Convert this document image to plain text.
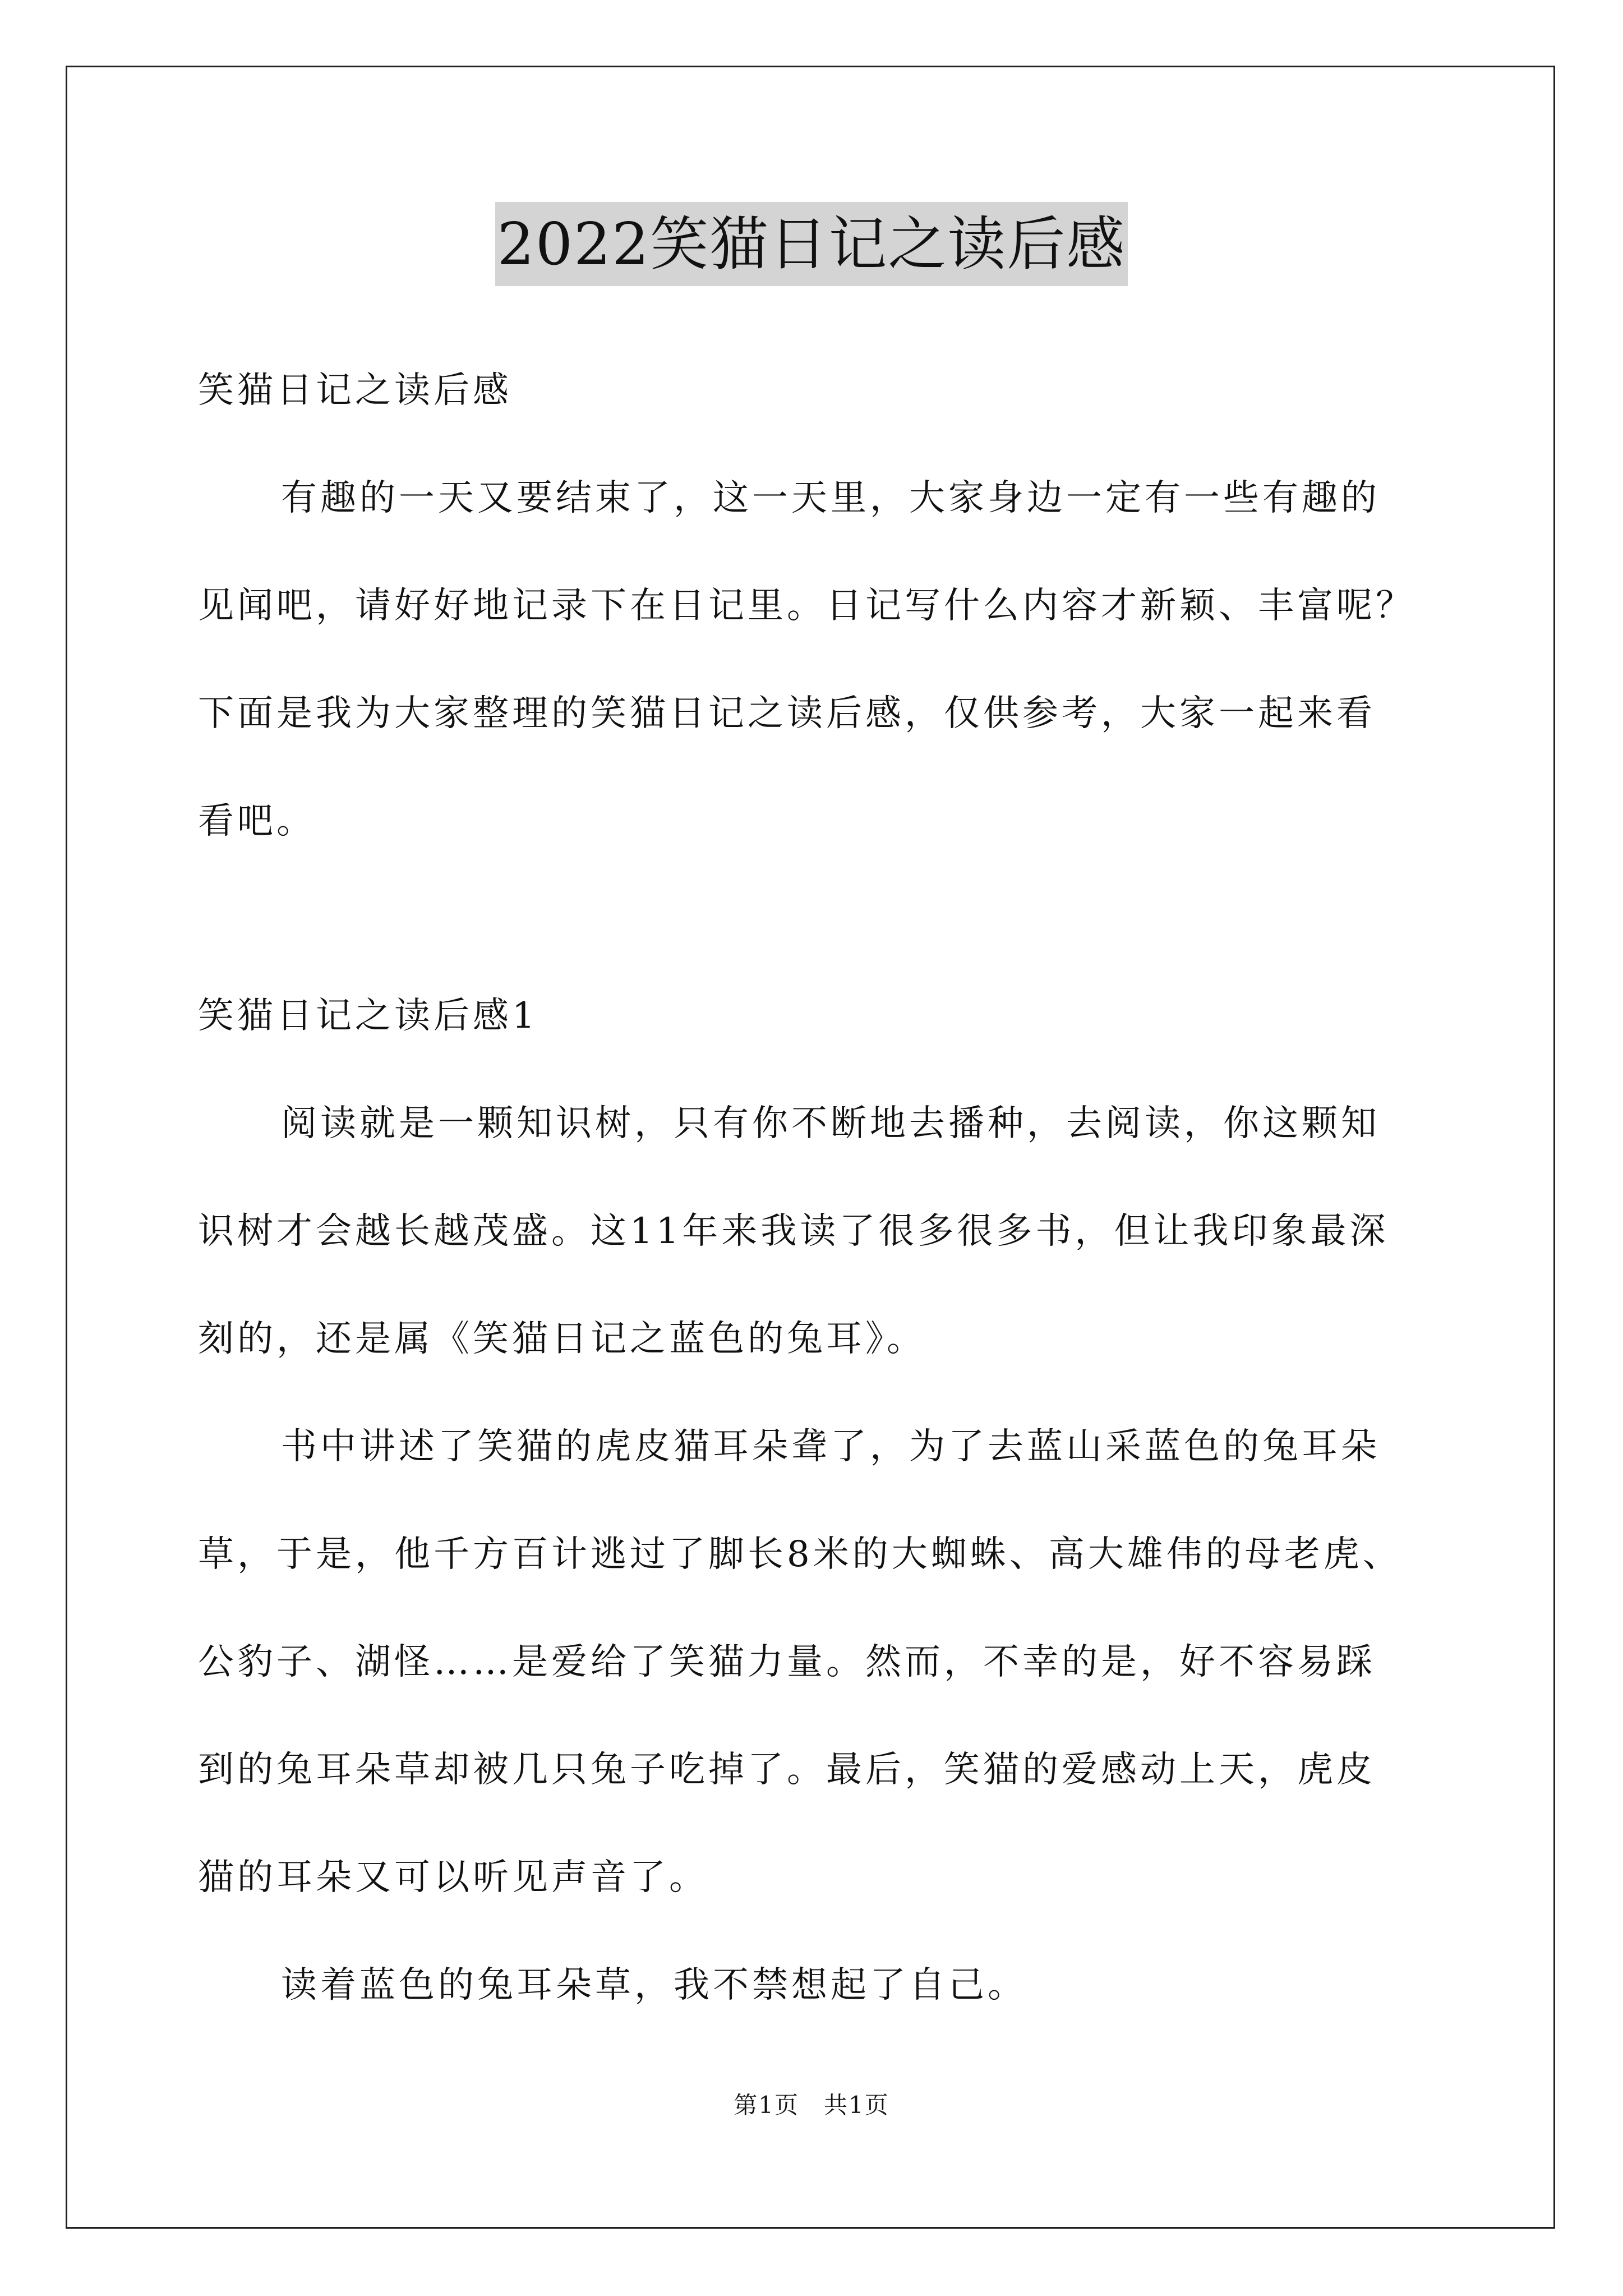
2022笑猫日记之读后感
笑猫日记之读后感
有趣的一天又要结束了，这一天里，大家身边一定有一些有趣的
见闻吧，请好好地记录下在日记里。日记写什么内容才新颖、丰富呢？
下面是我为大家整理的笑猫日记之读后感，仅供参考，大家一起来看
看吧。
笑猫日记之读后感1
阅读就是一颗知识树，只有你不断地去播种，去阅读，你这颗知
识树才会越长越茂盛。这11年来我读了很多很多书，但让我印象最深
刻的，还是属《笑猫日记之蓝色的兔耳》。
书中讲述了笑猫的虎皮猫耳朵聋了，为了去蓝山采蓝色的兔耳朵
草，于是，他千方百计逃过了脚长8米的大蜘蛛、高大雄伟的母老虎、
公豹子、湖怪……是爱给了笑猫力量。然而，不幸的是，好不容易踩
到的兔耳朵草却被几只兔子吃掉了。最后，笑猫的爱感动上天，虎皮
猫的耳朵又可以听见声音了。
读着蓝色的兔耳朵草，我不禁想起了自己。
第1页　共1页
